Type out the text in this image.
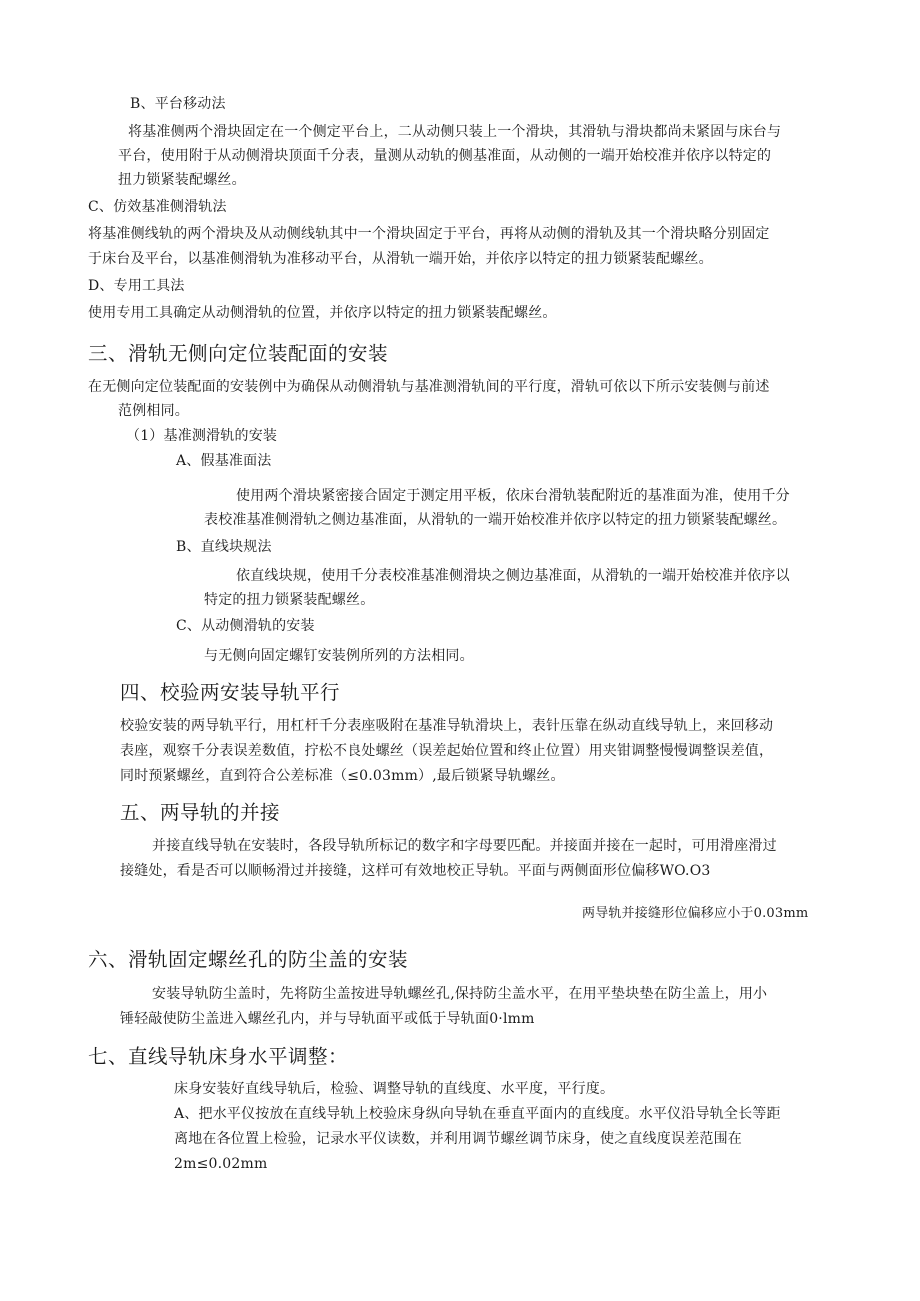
B、平台移动法
将基准侧两个滑块固定在一个侧定平台上，二从动侧只装上一个滑块，其滑轨与滑块都尚未紧固与床台与
平台，使用附于从动侧滑块顶面千分表，量测从动轨的侧基准面，从动侧的一端开始校准并依序以特定的
扭力锁紧装配螺丝。
C、仿效基准侧滑轨法
将基准侧线轨的两个滑块及从动侧线轨其中一个滑块固定于平台，再将从动侧的滑轨及其一个滑块略分别固定
于床台及平台，以基准侧滑轨为准移动平台，从滑轨一端开始，并依序以特定的扭力锁紧装配螺丝。
D、专用工具法
使用专用工具确定从动侧滑轨的位置，并依序以特定的扭力锁紧装配螺丝。
三、滑轨无侧向定位装配面的安装
在无侧向定位装配面的安装例中为确保从动侧滑轨与基准测滑轨间的平行度，滑轨可依以下所示安装侧与前述
范例相同。
（1）基准测滑轨的安装
A、假基准面法
使用两个滑块紧密接合固定于测定用平板，依床台滑轨装配附近的基准面为准，使用千分
表校准基准侧滑轨之侧边基准面，从滑轨的一端开始校准并依序以特定的扭力锁紧装配螺丝。
B、直线块规法
依直线块规，使用千分表校准基准侧滑块之侧边基准面，从滑轨的一端开始校准并依序以
特定的扭力锁紧装配螺丝。
C、从动侧滑轨的安装
与无侧向固定螺钉安装例所列的方法相同。
四、校验两安装导轨平行
校验安装的两导轨平行，用杠杆千分表座吸附在基准导轨滑块上，表针压靠在纵动直线导轨上，来回移动
表座，观察千分表误差数值，拧松不良处螺丝（误差起始位置和终止位置）用夹钳调整慢慢调整误差值，
同时预紧螺丝，直到符合公差标准（≤0.03mm）,最后锁紧导轨螺丝。
五、两导轨的并接
并接直线导轨在安装时，各段导轨所标记的数字和字母要匹配。并接面并接在一起时，可用滑座滑过
接缝处，看是否可以顺畅滑过并接缝，这样可有效地校正导轨。平面与两侧面形位偏移WO.O3
两导轨并接缝形位偏移应小于0.03mm
六、滑轨固定螺丝孔的防尘盖的安装
安装导轨防尘盖时，先将防尘盖按进导轨螺丝孔,保持防尘盖水平，在用平垫块垫在防尘盖上，用小
锤轻敲使防尘盖进入螺丝孔内，并与导轨面平或低于导轨面0·lmm
七、直线导轨床身水平调整：
床身安装好直线导轨后，检验、调整导轨的直线度、水平度，平行度。
A、把水平仪按放在直线导轨上校验床身纵向导轨在垂直平面内的直线度。水平仪沿导轨全长等距
离地在各位置上检验，记录水平仪读数，并利用调节螺丝调节床身，使之直线度误差范围在
2m≤0.02mm
